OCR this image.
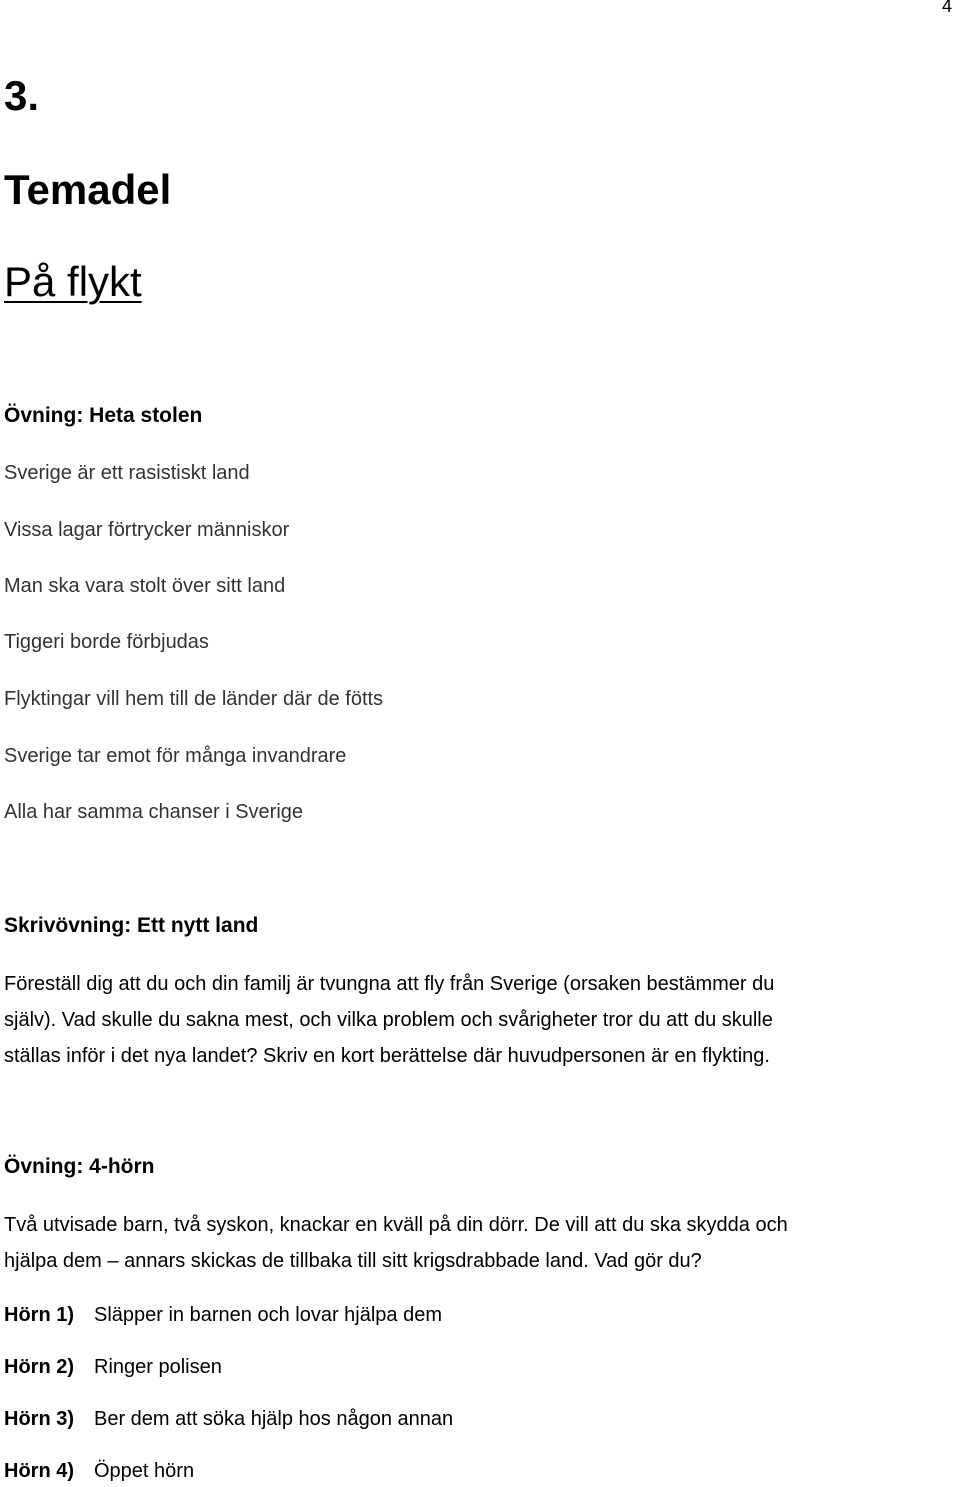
4
3.
Temadel
På flykt
Övning: Heta stolen
Sverige är ett rasistiskt land
Vissa lagar förtrycker människor
Man ska vara stolt över sitt land
Tiggeri borde förbjudas
Flyktingar vill hem till de länder där de fötts
Sverige tar emot för många invandrare
Alla har samma chanser i Sverige
Skrivövning: Ett nytt land
Föreställ dig att du och din familj är tvungna att fly från Sverige (orsaken bestämmer du
själv). Vad skulle du sakna mest, och vilka problem och svårigheter tror du att du skulle
ställas inför i det nya landet? Skriv en kort berättelse där huvudpersonen är en flykting.
Övning: 4-hörn
Två utvisade barn, två syskon, knackar en kväll på din dörr. De vill att du ska skydda och
hjälpa dem – annars skickas de tillbaka till sitt krigsdrabbade land. Vad gör du?
Hörn 1) Släpper in barnen och lovar hjälpa dem
Hörn 2) Ringer polisen
Hörn 3) Ber dem att söka hjälp hos någon annan
Hörn 4) Öppet hörn
